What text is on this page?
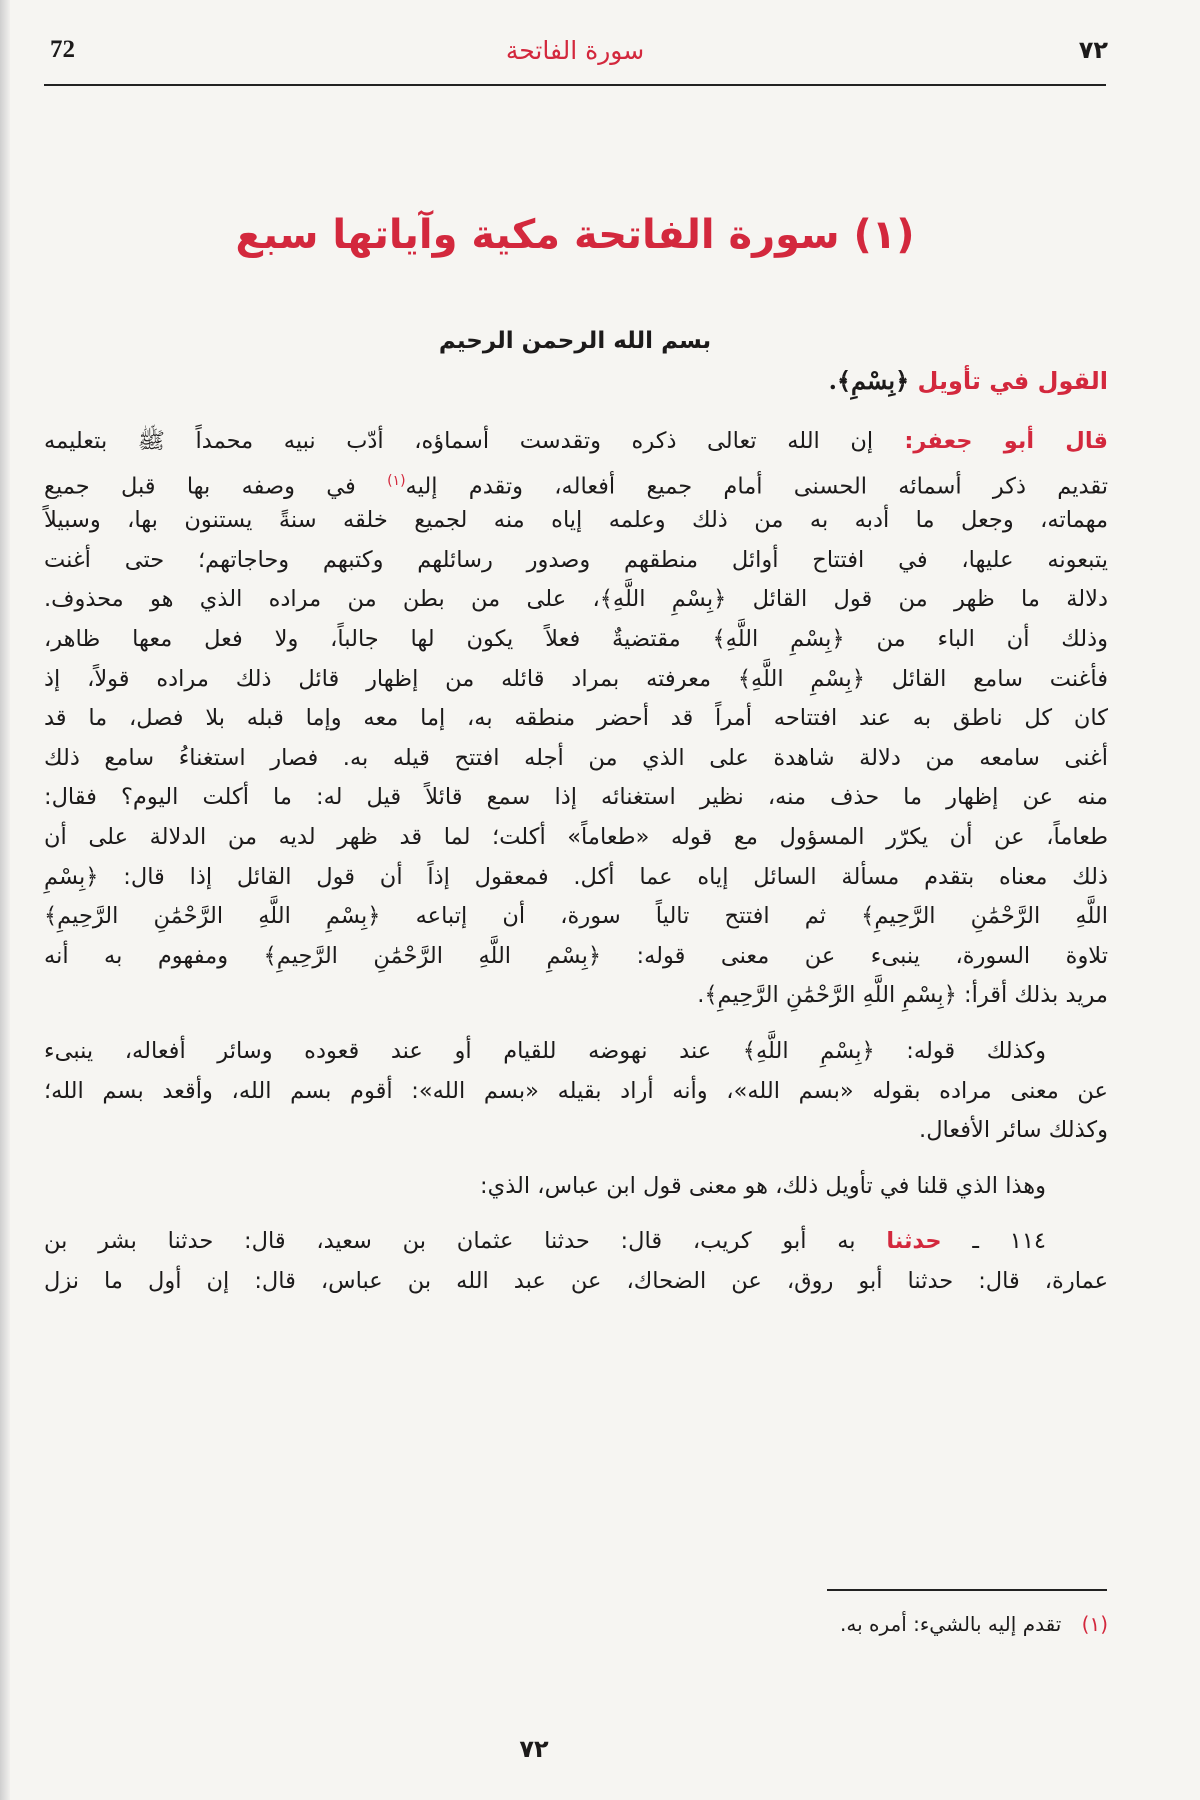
٧٢
سورة الفاتحة
72
(١) سورة الفاتحة مكية وآياتها سبع
بسم الله الرحمن الرحيم
القول في تأويل ﴿بِسْمِ﴾.
قال أبو جعفر: إن الله تعالى ذكره وتقدست أسماؤه، أدّب نبيه محمداً ﷺ بتعليمه
تقديم ذكر أسمائه الحسنى أمام جميع أفعاله، وتقدم إليه$^{(١)}$ في وصفه بها قبل جميع
مهماته، وجعل ما أدبه به من ذلك وعلمه إياه منه لجميع خلقه سنةً يستنون بها، وسبيلاً
يتبعونه عليها، في افتتاح أوائل منطقهم وصدور رسائلهم وكتبهم وحاجاتهم؛ حتى أغنت
دلالة ما ظهر من قول القائل ﴿بِسْمِ اللَّهِ﴾، على من بطن من مراده الذي هو محذوف.
وذلك أن الباء من ﴿بِسْمِ اللَّهِ﴾ مقتضيةٌ فعلاً يكون لها جالباً، ولا فعل معها ظاهر،
فأغنت سامع القائل ﴿بِسْمِ اللَّهِ﴾ معرفته بمراد قائله من إظهار قائل ذلك مراده قولاً، إذ
كان كل ناطق به عند افتتاحه أمراً قد أحضر منطقه به، إما معه وإما قبله بلا فصل، ما قد
أغنى سامعه من دلالة شاهدة على الذي من أجله افتتح قيله به. فصار استغناءُ سامع ذلك
منه عن إظهار ما حذف منه، نظير استغنائه إذا سمع قائلاً قيل له: ما أكلت اليوم؟ فقال:
طعاماً، عن أن يكرّر المسؤول مع قوله «طعاماً» أكلت؛ لما قد ظهر لديه من الدلالة على أن
ذلك معناه بتقدم مسألة السائل إياه عما أكل. فمعقول إذاً أن قول القائل إذا قال: ﴿بِسْمِ
اللَّهِ الرَّحْمَٰنِ الرَّحِيمِ﴾ ثم افتتح تالياً سورة، أن إتباعه ﴿بِسْمِ اللَّهِ الرَّحْمَٰنِ الرَّحِيمِ﴾
تلاوة السورة، ينبىء عن معنى قوله: ﴿بِسْمِ اللَّهِ الرَّحْمَٰنِ الرَّحِيمِ﴾ ومفهوم به أنه
مريد بذلك أقرأ: ﴿بِسْمِ اللَّهِ الرَّحْمَٰنِ الرَّحِيمِ﴾.
وكذلك قوله: ﴿بِسْمِ اللَّهِ﴾ عند نهوضه للقيام أو عند قعوده وسائر أفعاله، ينبىء
عن معنى مراده بقوله «بسم الله»، وأنه أراد بقيله «بسم الله»: أقوم بسم الله، وأقعد بسم الله؛
وكذلك سائر الأفعال.
وهذا الذي قلنا في تأويل ذلك، هو معنى قول ابن عباس، الذي:
١١٤ ـ حدثنا به أبو كريب، قال: حدثنا عثمان بن سعيد، قال: حدثنا بشر بن
عمارة، قال: حدثنا أبو روق، عن الضحاك، عن عبد الله بن عباس، قال: إن أول ما نزل
(١) تقدم إليه بالشيء: أمره به.
٧٢
